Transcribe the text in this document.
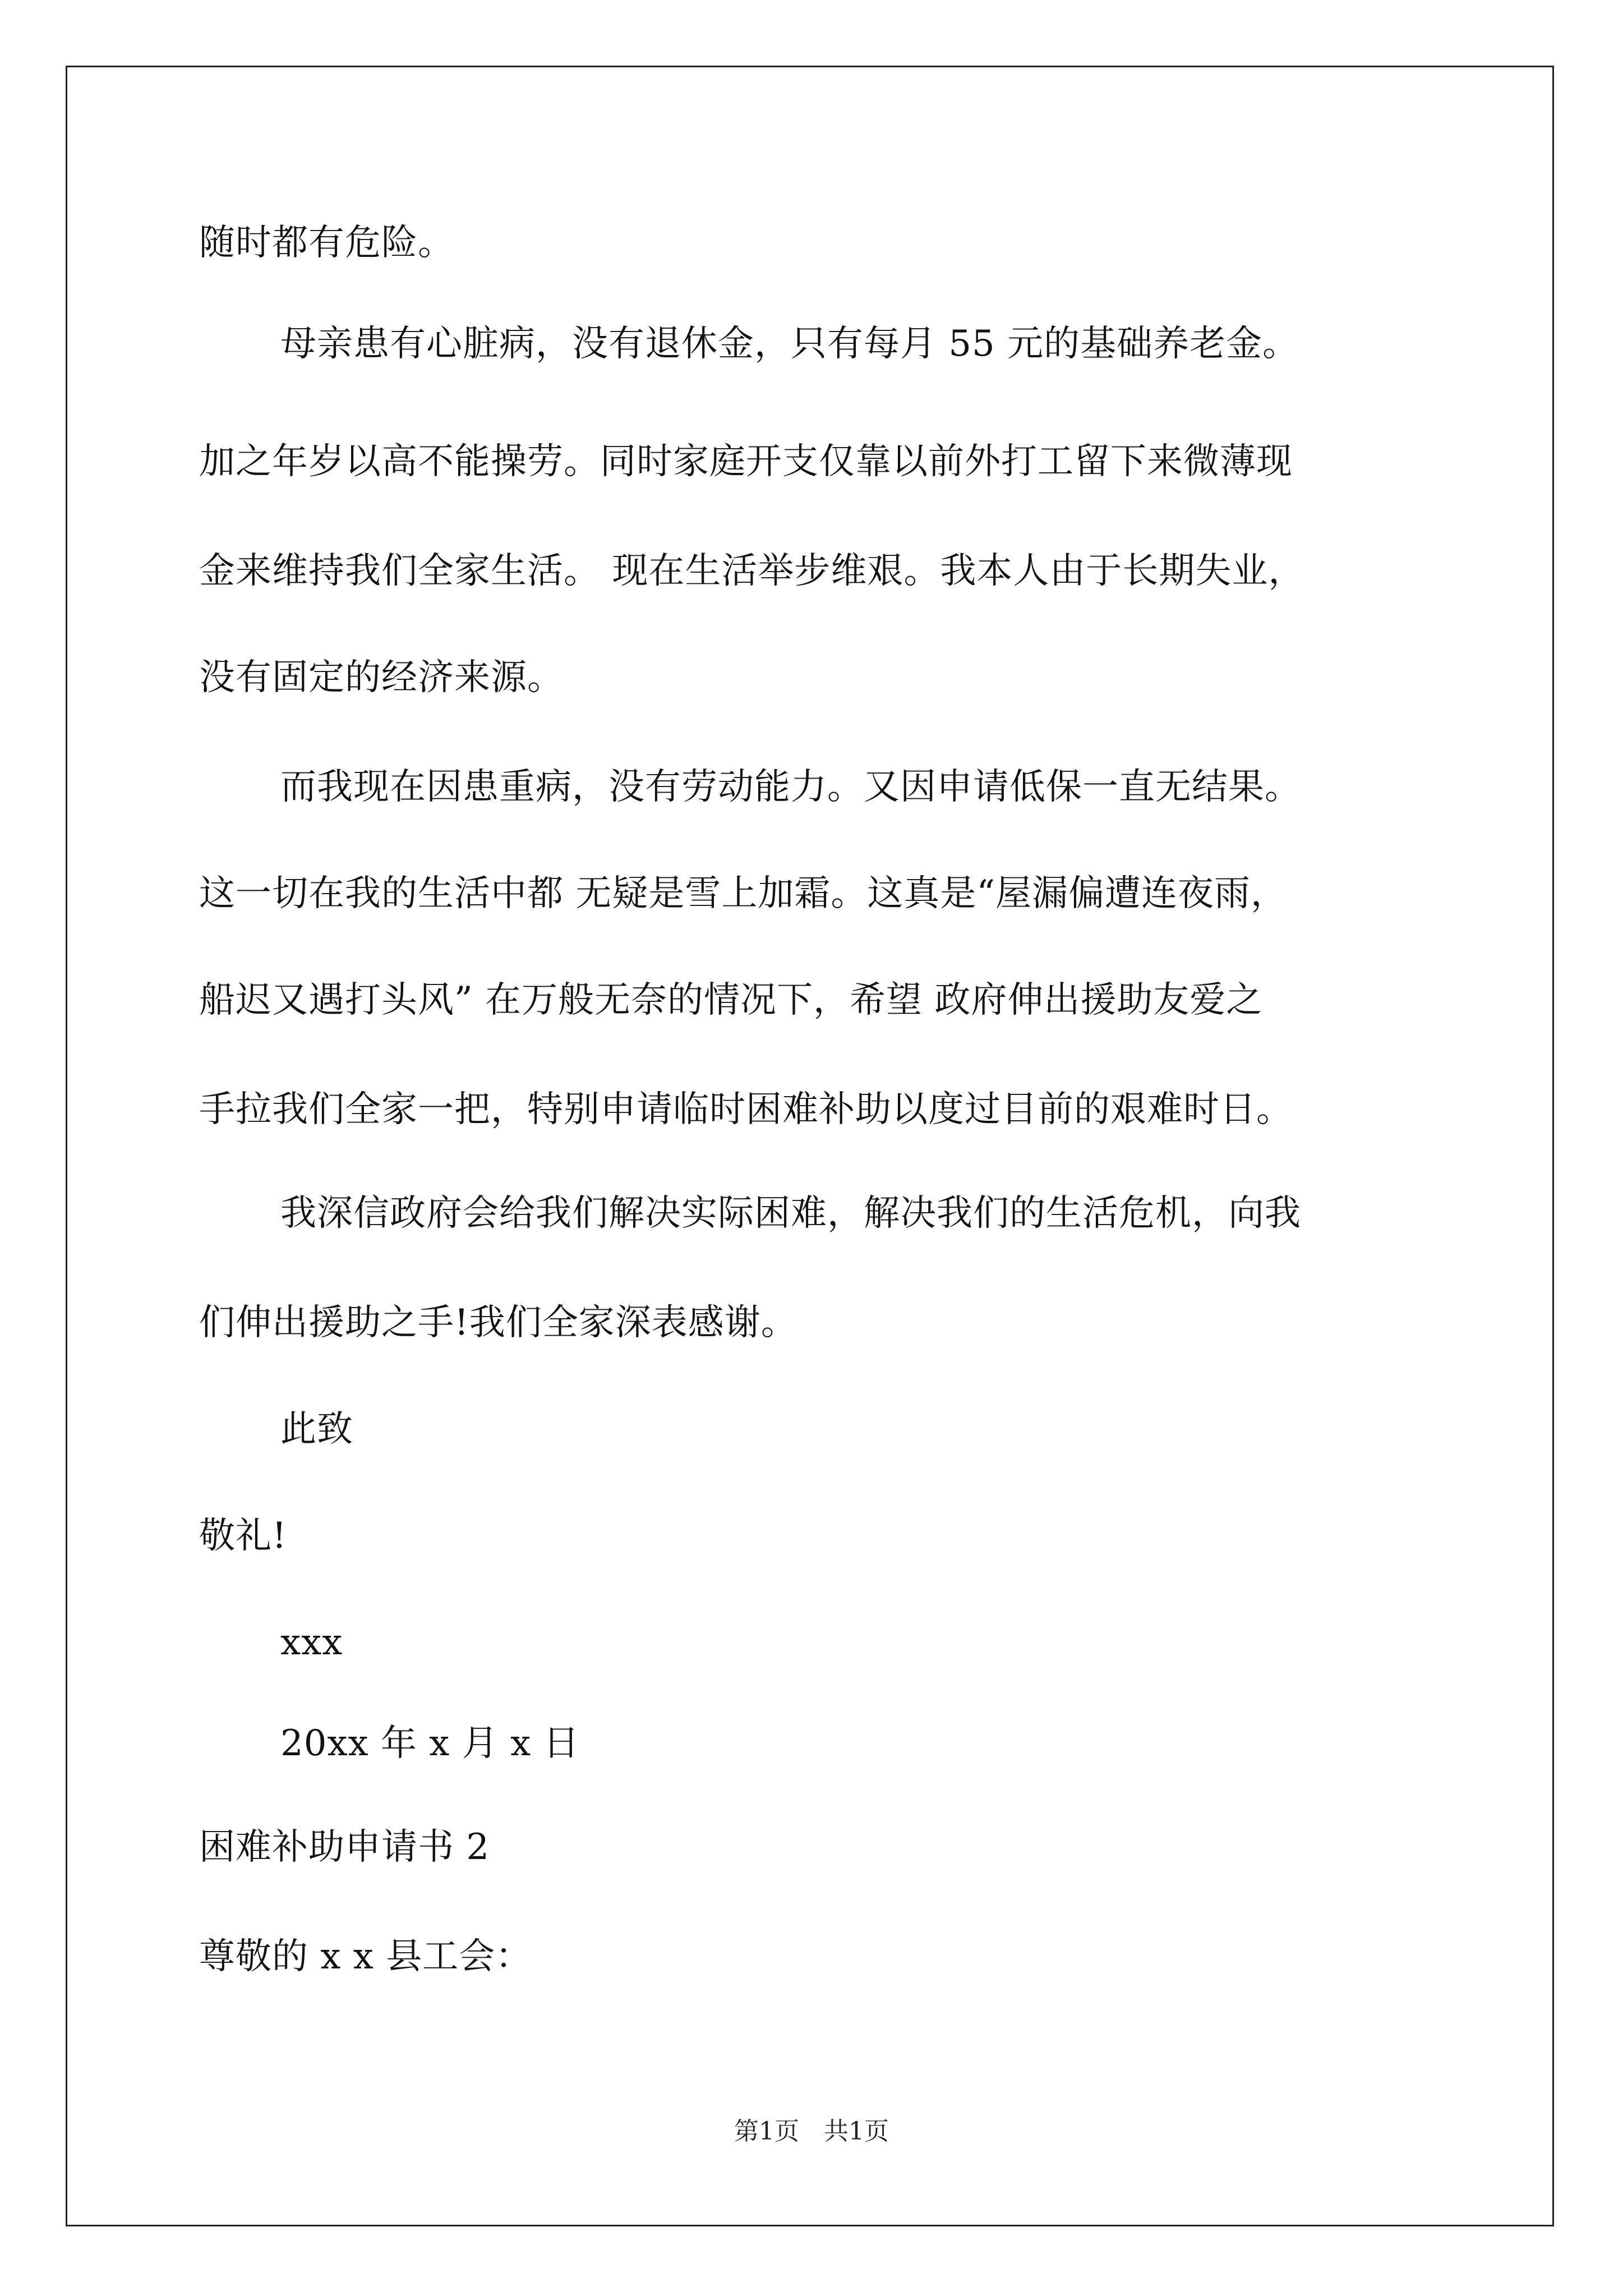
随时都有危险。
母亲患有心脏病，没有退休金，只有每月 55 元的基础养老金。
加之年岁以高不能操劳。同时家庭开支仅靠以前外打工留下来微薄现
金来维持我们全家生活。 现在生活举步维艰。我本人由于长期失业，
没有固定的经济来源。
而我现在因患重病，没有劳动能力。又因申请低保一直无结果。
这一切在我的生活中都 无疑是雪上加霜。这真是“屋漏偏遭连夜雨，
船迟又遇打头风” 在万般无奈的情况下，希望 政府伸出援助友爱之
手拉我们全家一把，特别申请临时困难补助以度过目前的艰难时日。
我深信政府会给我们解决实际困难，解决我们的生活危机，向我
们伸出援助之手!我们全家深表感谢。
此致
敬礼!
xxx
20xx 年 x 月 x 日
困难补助申请书 2
尊敬的 x x 县工会：
第1页　共1页
